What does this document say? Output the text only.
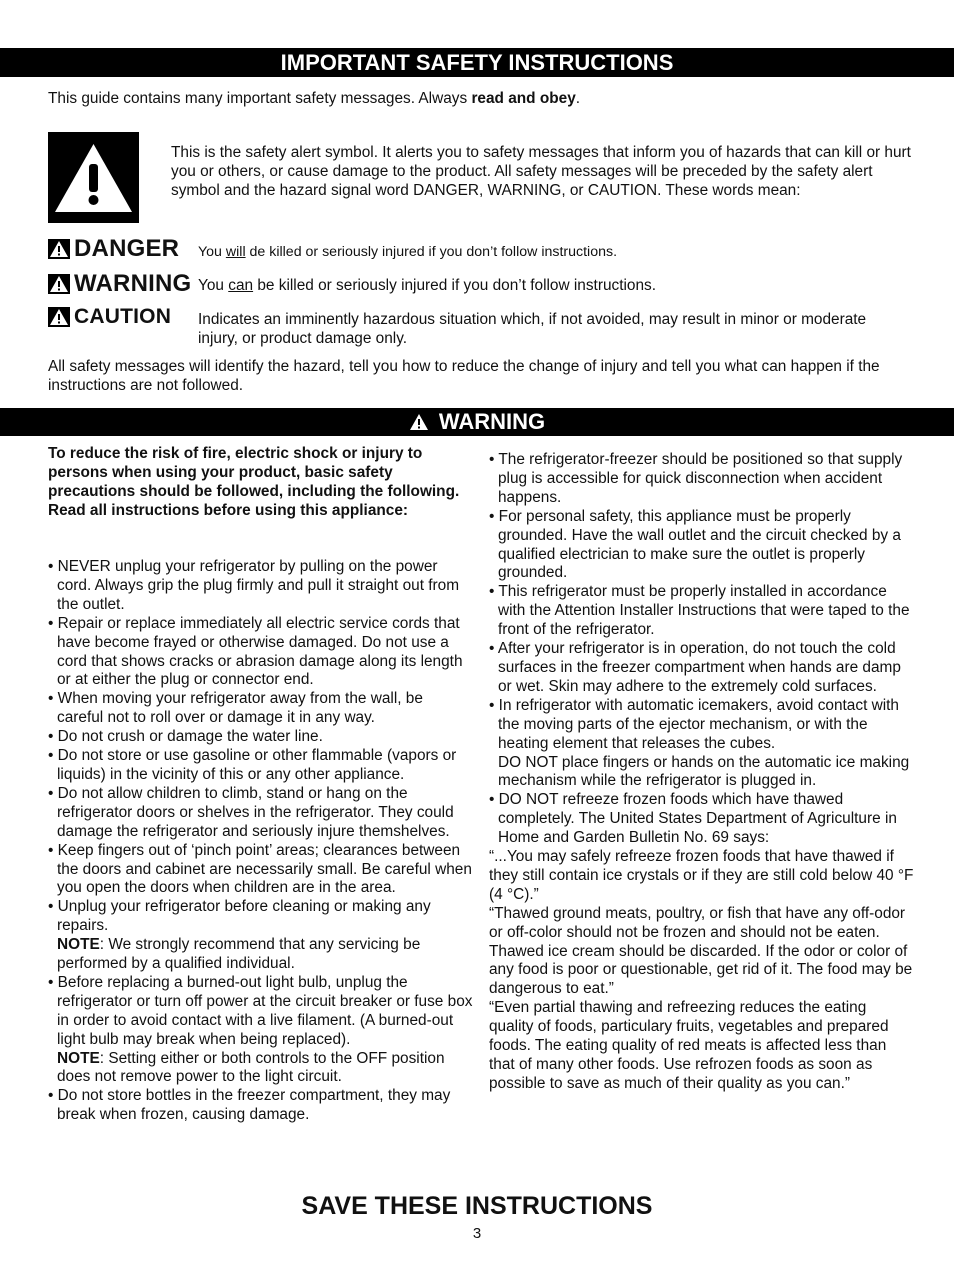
IMPORTANT SAFETY INSTRUCTIONS
This guide contains many important safety messages. Always read and obey.
This is the safety alert symbol. It alerts you to safety messages that inform you of hazards that can kill or hurt you or others, or cause damage to the product. All safety messages will be preceded by the safety alert symbol and the hazard signal word DANGER, WARNING, or CAUTION. These words mean:
DANGER You will de killed or seriously injured if you don’t follow instructions.
WARNING You can be killed or seriously injured if you don’t follow instructions.
CAUTION Indicates an imminently hazardous situation which, if not avoided, may result in minor or moderate injury, or product damage only.
All safety messages will identify the hazard, tell you how to reduce the change of injury and tell you what can happen if the instructions are not followed.
WARNING
To reduce the risk of fire, electric shock or injury to persons when using your product, basic safety precautions should be followed, including the following. Read all instructions before using this appliance:
• NEVER unplug your refrigerator by pulling on the power cord. Always grip the plug firmly and pull it straight out from the outlet.
• Repair or replace immediately all electric service cords that have become frayed or otherwise damaged. Do not use a cord that shows cracks or abrasion damage along its length or at either the plug or connector end.
• When moving your refrigerator away from the wall, be careful not to roll over or damage it in any way.
• Do not crush or damage the water line.
• Do not store or use gasoline or other flammable (vapors or liquids) in the vicinity of this or any other appliance.
• Do not allow children to climb, stand or hang on the refrigerator doors or shelves in the refrigerator. They could damage the refrigerator and seriously injure themshelves.
• Keep fingers out of ‘pinch point’ areas; clearances between the doors and cabinet are necessarily small. Be careful when you open the doors when children are in the area.
• Unplug your refrigerator before cleaning or making any repairs.
NOTE: We strongly recommend that any servicing be performed by a qualified individual.
• Before replacing a burned-out light bulb, unplug the refrigerator or turn off power at the circuit breaker or fuse box in order to avoid contact with a live filament. (A burned-out light bulb may break when being replaced).
NOTE: Setting either or both controls to the OFF position does not remove power to the light circuit.
• Do not store bottles in the freezer compartment, they may break when frozen, causing damage.
• The refrigerator-freezer should be positioned so that supply plug is accessible for quick disconnection when accident happens.
• For personal safety, this appliance must be properly grounded. Have the wall outlet and the circuit checked by a qualified electrician to make sure the outlet is properly grounded.
• This refrigerator must be properly installed in accordance with the Attention Installer Instructions that were taped to the front of the refrigerator.
• After your refrigerator is in operation, do not touch the cold surfaces in the freezer compartment when hands are damp or wet. Skin may adhere to the extremely cold surfaces.
• In refrigerator with automatic icemakers, avoid contact with the moving parts of the ejector mechanism, or with the heating element that releases the cubes.
DO NOT place fingers or hands on the automatic ice making mechanism while the refrigerator is plugged in.
• DO NOT refreeze frozen foods which have thawed completely. The United States Department of Agriculture in Home and Garden Bulletin No. 69 says:
“...You may safely refreeze frozen foods that have thawed if they still contain ice crystals or if they are still cold below 40 °F (4 °C).”
“Thawed ground meats, poultry, or fish that have any off-odor or off-color should not be frozen and should not be eaten. Thawed ice cream should be discarded. If the odor or color of any food is poor or questionable, get rid of it. The food may be dangerous to eat.”
“Even partial thawing and refreezing reduces the eating quality of foods, particulary fruits, vegetables and prepared foods. The eating quality of red meats is affected less than that of many other foods. Use refrozen foods as soon as possible to save as much of their quality as you can.”
SAVE THESE INSTRUCTIONS
3
